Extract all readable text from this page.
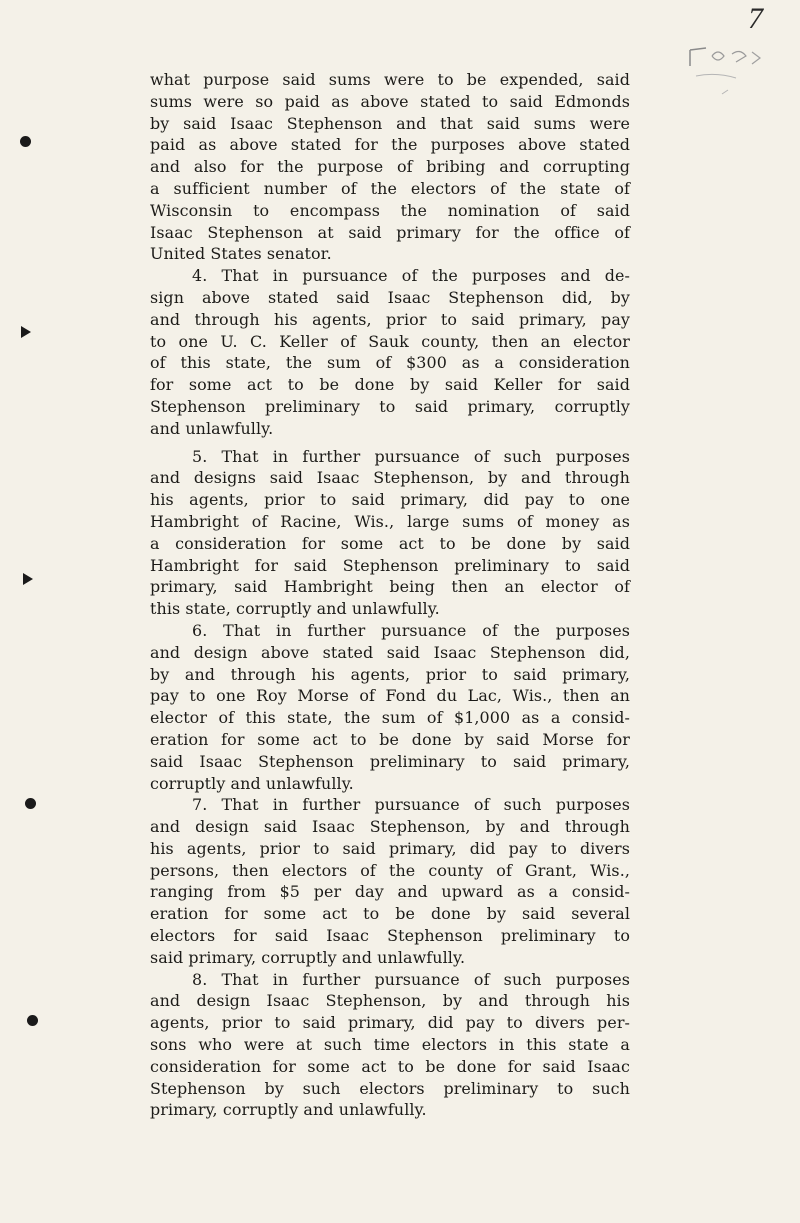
7
what purpose said sums were to be expended, said
sums were so paid as above stated to said Edmonds
by said Isaac Stephenson and that said sums were
paid as above stated for the purposes above stated
and also for the purpose of bribing and corrupting
a sufficient number of the electors of the state of
Wisconsin to encompass the nomination of said
Isaac Stephenson at said primary for the office of
United States senator.
4. That in pursuance of the purposes and de-
sign above stated said Isaac Stephenson did, by
and through his agents, prior to said primary, pay
to one U. C. Keller of Sauk county, then an elector
of this state, the sum of $300 as a consideration
for some act to be done by said Keller for said
Stephenson preliminary to said primary, corruptly
and unlawfully.
5. That in further pursuance of such purposes
and designs said Isaac Stephenson, by and through
his agents, prior to said primary, did pay to one
Hambright of Racine, Wis., large sums of money as
a consideration for some act to be done by said
Hambright for said Stephenson preliminary to said
primary, said Hambright being then an elector of
this state, corruptly and unlawfully.
6. That in further pursuance of the purposes
and design above stated said Isaac Stephenson did,
by and through his agents, prior to said primary,
pay to one Roy Morse of Fond du Lac, Wis., then an
elector of this state, the sum of $1,000 as a consid-
eration for some act to be done by said Morse for
said Isaac Stephenson preliminary to said primary,
corruptly and unlawfully.
7. That in further pursuance of such purposes
and design said Isaac Stephenson, by and through
his agents, prior to said primary, did pay to divers
persons, then electors of the county of Grant, Wis.,
ranging from $5 per day and upward as a consid-
eration for some act to be done by said several
electors for said Isaac Stephenson preliminary to
said primary, corruptly and unlawfully.
8. That in further pursuance of such purposes
and design Isaac Stephenson, by and through his
agents, prior to said primary, did pay to divers per-
sons who were at such time electors in this state a
consideration for some act to be done for said Isaac
Stephenson by such electors preliminary to such
primary, corruptly and unlawfully.
